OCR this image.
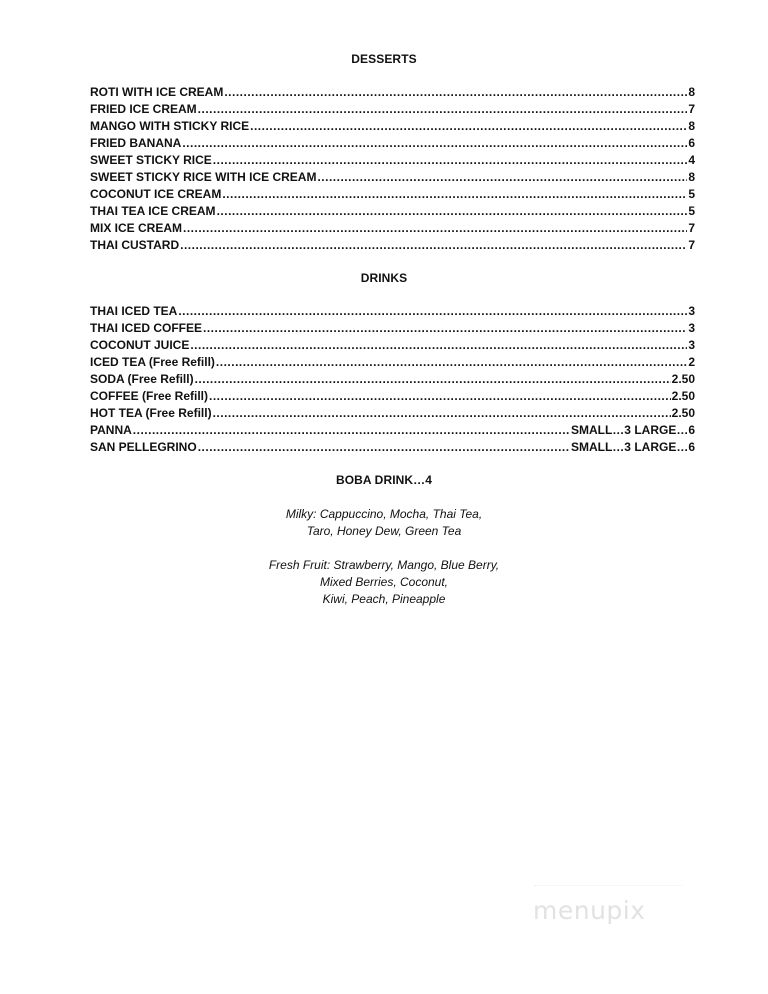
DESSERTS
ROTI WITH ICE CREAM .....	8
FRIED ICE CREAM .....	7
MANGO WITH STICKY RICE .....	8
FRIED BANANA .....	6
SWEET STICKY RICE .....	4
SWEET STICKY RICE WITH ICE CREAM .....	8
COCONUT ICE CREAM .....	5
THAI TEA ICE CREAM .....	5
MIX ICE CREAM .....	7
THAI CUSTARD .....	7
DRINKS
THAI ICED TEA .....	3
THAI ICED COFFEE .....	3
COCONUT JUICE .....	3
ICED TEA (Free Refill) .....	2
SODA (Free Refill) .....	2.50
COFFEE (Free Refill) .....	2.50
HOT TEA (Free Refill) .....	2.50
PANNA .....	SMALL…3 LARGE…6
SAN PELLEGRINO .....	SMALL…3 LARGE…6
BOBA DRINK…4
Milky: Cappuccino, Mocha, Thai Tea,
Taro, Honey Dew, Green Tea
Fresh Fruit: Strawberry, Mango, Blue Berry,
Mixed Berries, Coconut,
Kiwi, Peach, Pineapple
menupix
